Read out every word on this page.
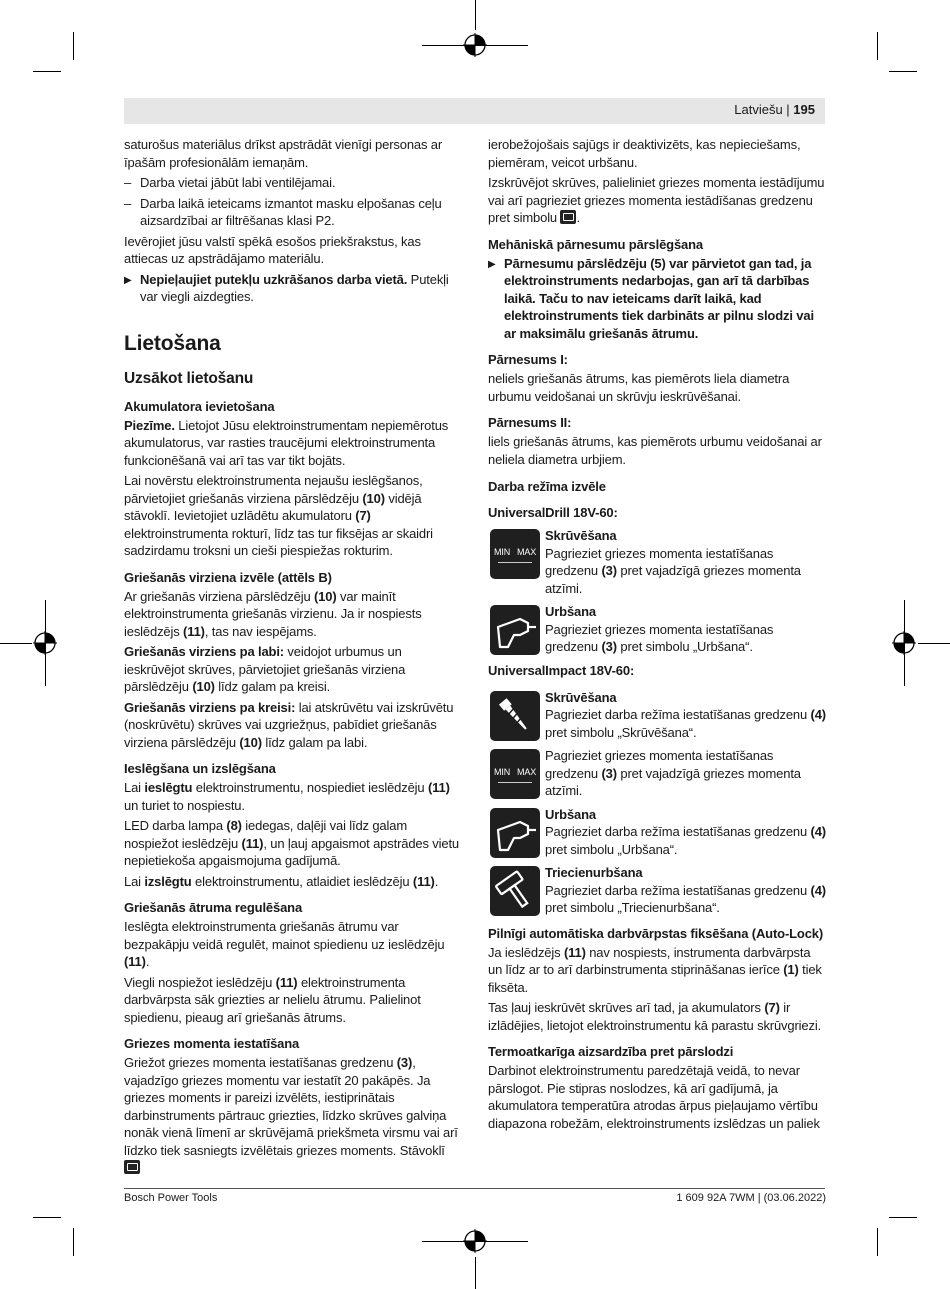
Latviešu | 195

saturošus materiālus drīkst apstrādāt vienīgi personas ar īpašām profesionālām iemaņām.

– Darba vietai jābūt labi ventilējamai.
– Darba laikā ieteicams izmantot masku elpošanas ceļu aizsardzībai ar filtrēšanas klasi P2.

Ievērojiet jūsu valstī spēkā esošos priekšrakstus, kas attiecas uz apstrādājamo materiālu.

▶ Nepieļaujiet putekļu uzkrāšanos darba vietā. Putekļi var viegli aizdegties.
Lietošana
Uzsākot lietošanu
Akumulatora ievietošana

Piezīme. Lietojot Jūsu elektroinstrumentam nepiemērotus akumulatorus, var rasties traucējumi elektroinstrumenta funkcionēšanā vai arī tas var tikt bojāts.

Lai novērstu elektroinstrumenta nejaušu ieslēgšanos, pārvietojiet griešanās virziena pārslēdzēju (10) vidējā stāvoklī. Ievietojiet uzlādētu akumulatoru (7) elektroinstrumenta rokturī, līdz tas tur fiksējas ar skaidri sadzirdamu troksni un cieši piespiežas rokturim.

Griešanās virziena izvēle (attēls B)

Ar griešanās virziena pārslēdzēju (10) var mainīt elektroinstrumenta griešanās virzienu. Ja ir nospiests ieslēdzējs (11), tas nav iespējams.

Griešanās virziens pa labi: veidojot urbumus un ieskrūvējot skrūves, pārvietojiet griešanās virziena pārslēdzēju (10) līdz galam pa kreisi.

Griešanās virziens pa kreisi: lai atskrūvētu vai izskrūvētu (noskrūvētu) skrūves vai uzgriežņus, pabīdiet griešanās virziena pārslēdzēju (10) līdz galam pa labi.

Ieslēgšana un izslēgšana

Lai ieslēgtu elektroinstrumentu, nospiediet ieslēdzēju (11) un turiet to nospiestu.

LED darba lampa (8) iedegas, daļēji vai līdz galam nospiežot ieslēdzēju (11), un ļauj apgaismot apstrādes vietu nepietiekoša apgaismojuma gadījumā.

Lai izslēgtu elektroinstrumentu, atlaidiet ieslēdzēju (11).

Griešanās ātruma regulēšana

Ieslēgta elektroinstrumenta griešanās ātrumu var bezpakāpju veidā regulēt, mainot spiedienu uz ieslēdzēju (11).

Viegli nospiežot ieslēdzēju (11) elektroinstrumenta darbvārpsta sāk griezties ar nelielu ātrumu. Palielinot spiedienu, pieaug arī griešanās ātrums.

Griezes momenta iestatīšana

Griežot griezes momenta iestatīšanas gredzenu (3), vajadzīgo griezes momentu var iestatīt 20 pakāpēs. Ja griezes moments ir pareizi izvēlēts, iestiprinātais darbinstruments pārtrauc griezties, līdzko skrūves galviņa nonāk vienā līmenī ar skrūvējamā priekšmeta virsmu vai arī līdzko tiek sasniegts izvēlētais griezes moments. Stāvoklī

ierobežojošais sajūgs ir deaktivizēts, kas nepieciešams, piemēram, veicot urbšanu.

Izskrūvējot skrūves, palieliniet griezes momenta iestādījumu vai arī pagrieziet griezes momenta iestādīšanas gredzenu pret simbolu .

Mehāniskā pārnesumu pārslēgšana
▶ Pārnesumu pārslēdzēju (5) var pārvietot gan tad, ja elektroinstruments nedarbojas, gan arī tā darbības laikā. Taču to nav ieteicams darīt laikā, kad elektroinstruments tiek darbināts ar pilnu slodzi vai ar maksimālu griešanās ātrumu.
Pārnesums I:

neliels griešanās ātrums, kas piemērots liela diametra urbumu veidošanai un skrūvju ieskrūvēšanai.

Pārnesums II:

liels griešanās ātrums, kas piemērots urbumu veidošanai ar neliela diametra urbjiem.

Darba režīma izvēle
UniversalDrill 18V-60:
MIN MAX
Skrūvēšana
Pagrieziet griezes momenta iestatīšanas gredzenu (3) pret vajadzīgā griezes momenta atzīmi.
Urbšana
Pagrieziet griezes momenta iestatīšanas gredzenu (3) pret simbolu „Urbšana“.
UniversalImpact 18V-60:
Skrūvēšana
Pagrieziet darba režīma iestatīšanas gredzenu (4) pret simbolu „Skrūvēšana“.
MIN MAX
Pagrieziet griezes momenta iestatīšanas gredzenu (3) pret vajadzīgā griezes momenta atzīmi.
Urbšana
Pagrieziet darba režīma iestatīšanas gredzenu (4) pret simbolu „Urbšana“.
Triecienurbšana
Pagrieziet darba režīma iestatīšanas gredzenu (4) pret simbolu „Triecienurbšana“.
Pilnīgi automātiska darbvārpstas fiksēšana (Auto-Lock)

Ja ieslēdzējs (11) nav nospiests, instrumenta darbvārpsta un līdz ar to arī darbinstrumenta stiprināšanas ierīce (1) tiek fiksēta.

Tas ļauj ieskrūvēt skrūves arī tad, ja akumulators (7) ir izlādējies, lietojot elektroinstrumentu kā parastu skrūvgriezi.

Termoatkarīga aizsardzība pret pārslodzi

Darbinot elektroinstrumentu paredzētajā veidā, to nevar pārslogot. Pie stipras noslodzes, kā arī gadījumā, ja akumulatora temperatūra atrodas ārpus pieļaujamo vērtību diapazona robežām, elektroinstruments izslēdzas un paliek

Bosch Power Tools	1 609 92A 7WM | (03.06.2022)
